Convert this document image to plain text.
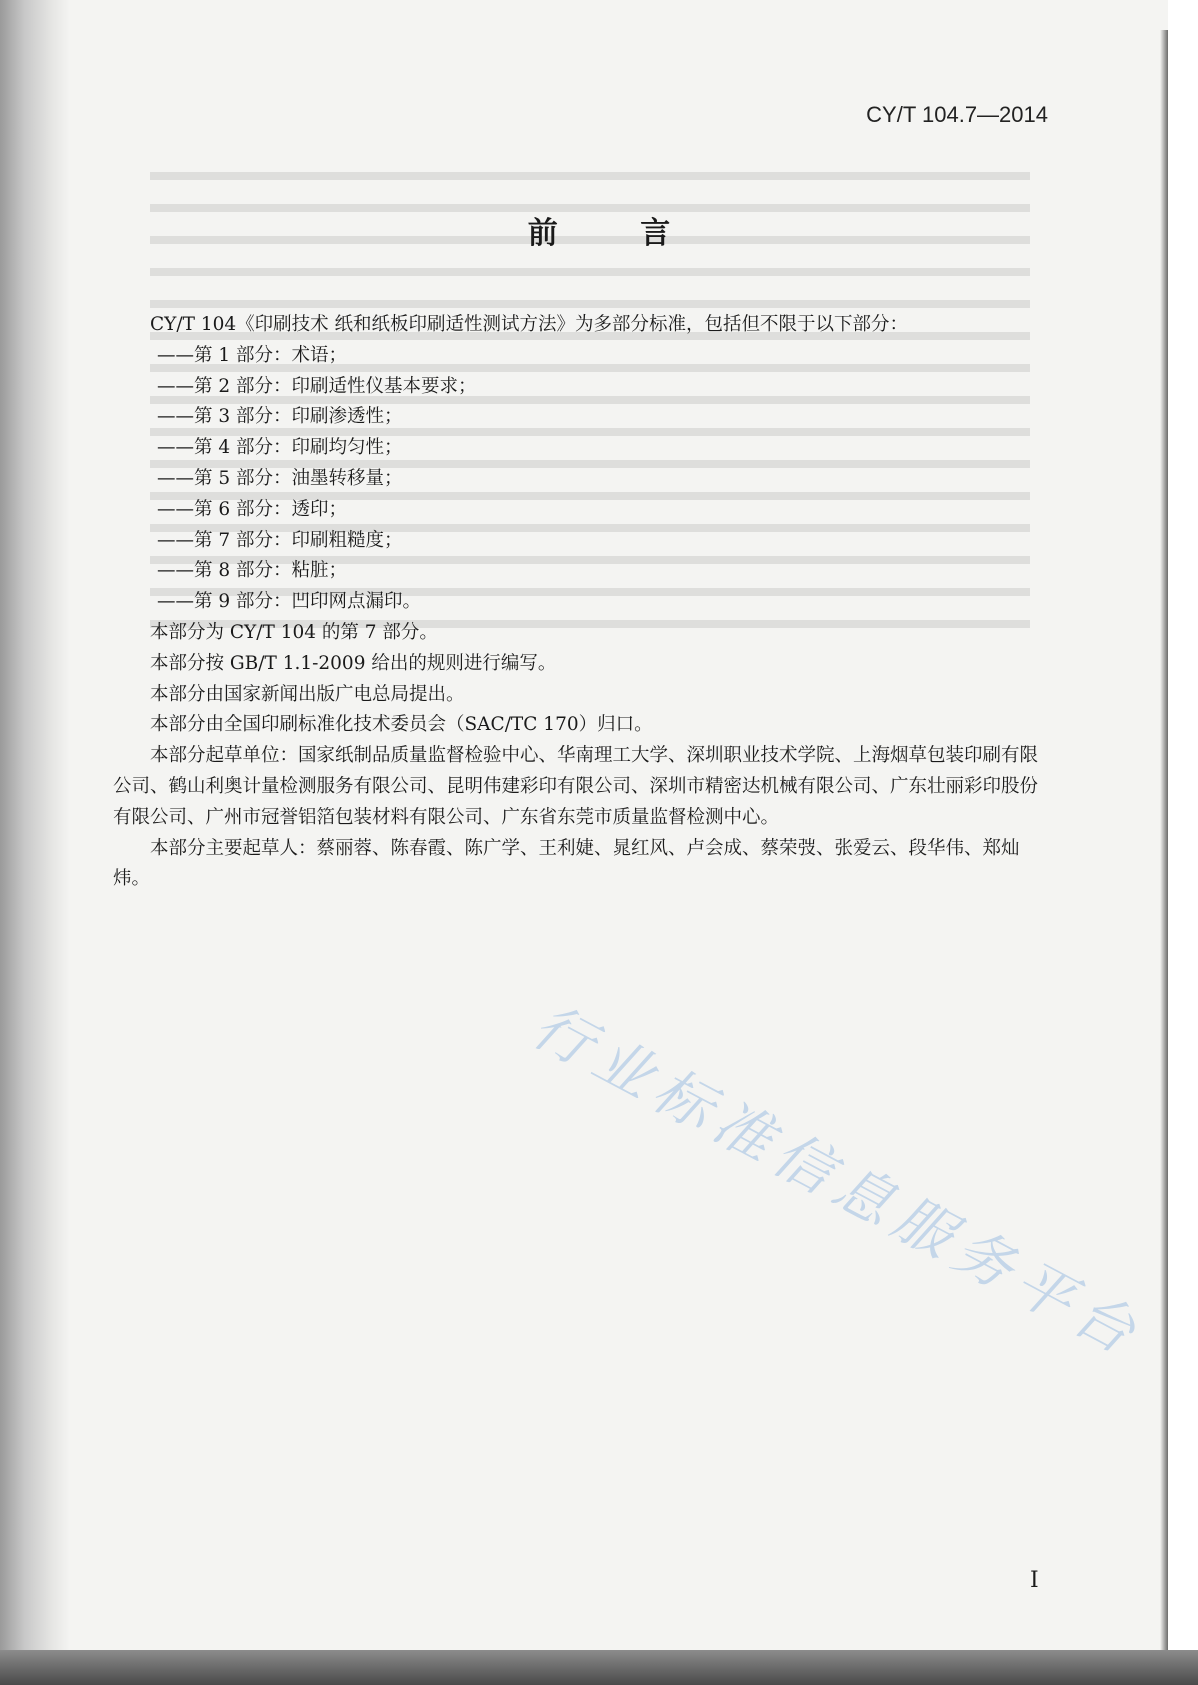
CY/T 104.7—2014
前 言

CY/T 104《印刷技术 纸和纸板印刷适性测试方法》为多部分标准，包括但不限于以下部分：

——第 1 部分：术语；

——第 2 部分：印刷适性仪基本要求；

——第 3 部分：印刷渗透性；

——第 4 部分：印刷均匀性；

——第 5 部分：油墨转移量；

——第 6 部分：透印；

——第 7 部分：印刷粗糙度；

——第 8 部分：粘脏；

——第 9 部分：凹印网点漏印。

本部分为 CY/T 104 的第 7 部分。

本部分按 GB/T 1.1-2009 给出的规则进行编写。

本部分由国家新闻出版广电总局提出。

本部分由全国印刷标准化技术委员会（SAC/TC 170）归口。

本部分起草单位：国家纸制品质量监督检验中心、华南理工大学、深圳职业技术学院、上海烟草包装印刷有限公司、鹤山利奥计量检测服务有限公司、昆明伟建彩印有限公司、深圳市精密达机械有限公司、广东壮丽彩印股份有限公司、广州市冠誉铝箔包装材料有限公司、广东省东莞市质量监督检测中心。

本部分主要起草人：蔡丽蓉、陈春霞、陈广学、王利婕、晁红风、卢会成、蔡荣弢、张爱云、段华伟、郑灿炜。

行业标准信息服务平台
I
